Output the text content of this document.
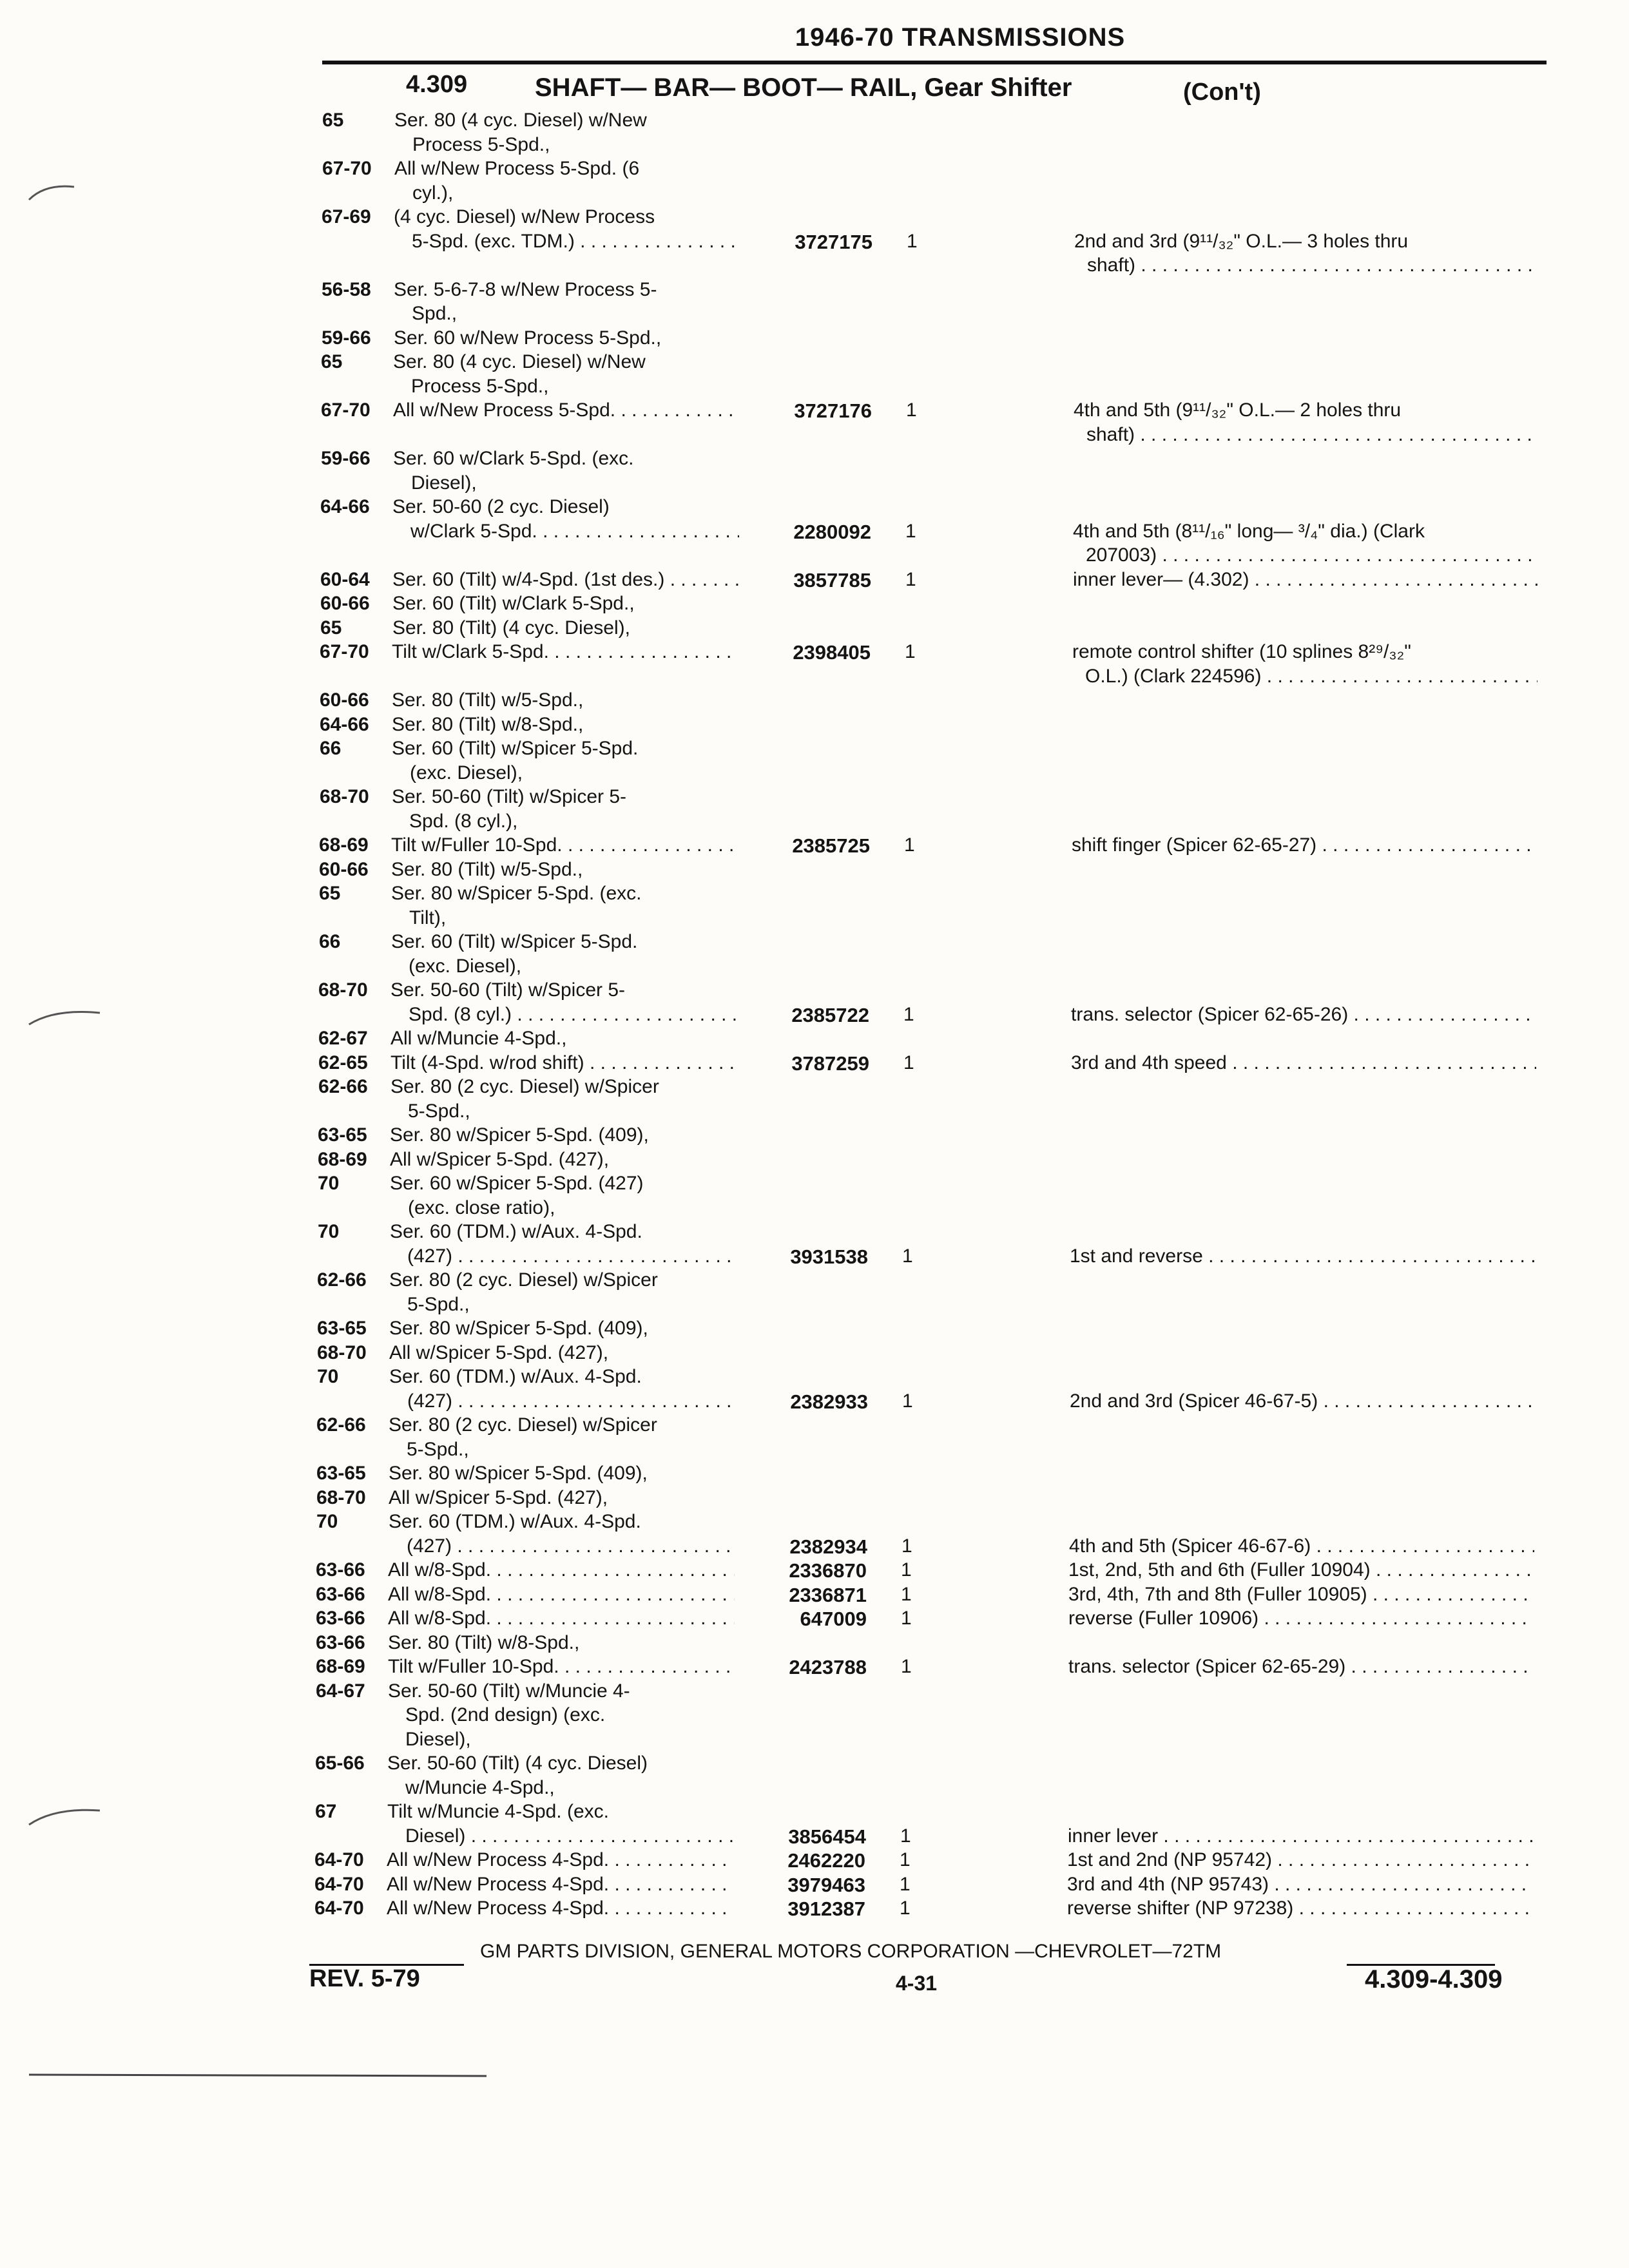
1946-70 TRANSMISSIONS
4.309	SHAFT— BAR— BOOT— RAIL, Gear Shifter	(Con't)
65	Ser. 80 (4 cyc. Diesel) w/New
Process 5-Spd.,
67-70 All w/New Process 5-Spd. (6
cyl.),
67-69 (4 cyc. Diesel) w/New Process
5-Spd. (exc. TDM.) . . .	3727175 1	2nd and 3rd (9¹¹/₃₂" O.L.— 3 holes thru
shaft) . . .
56-58 Ser. 5-6-7-8 w/New Process 5-
Spd.,
59-66 Ser. 60 w/New Process 5-Spd.,
65	Ser. 80 (4 cyc. Diesel) w/New
Process 5-Spd.,
67-70 All w/New Process 5-Spd. . . .	3727176 1	4th and 5th (9¹¹/₃₂" O.L.— 2 holes thru
shaft) . . .
59-66 Ser. 60 w/Clark 5-Spd. (exc.
Diesel),
64-66 Ser. 50-60 (2 cyc. Diesel)
w/Clark 5-Spd. . . .	2280092 1	4th and 5th (8¹¹/₁₆" long— ³/₄" dia.) (Clark
207003) . . .
60-64 Ser. 60 (Tilt) w/4-Spd. (1st des.) . . .	3857785 1	inner lever— (4.302) . . .
60-66 Ser. 60 (Tilt) w/Clark 5-Spd.,
65	Ser. 80 (Tilt) (4 cyc. Diesel),
67-70 Tilt w/Clark 5-Spd. . . .	2398405 1	remote control shifter (10 splines 8²⁹/₃₂"
O.L.) (Clark 224596) . . .
60-66 Ser. 80 (Tilt) w/5-Spd.,
64-66 Ser. 80 (Tilt) w/8-Spd.,
66	Ser. 60 (Tilt) w/Spicer 5-Spd.
(exc. Diesel),
68-70 Ser. 50-60 (Tilt) w/Spicer 5-
Spd. (8 cyl.),
68-69 Tilt w/Fuller 10-Spd. . . .	2385725 1	shift finger (Spicer 62-65-27) . . .
60-66 Ser. 80 (Tilt) w/5-Spd.,
65	Ser. 80 w/Spicer 5-Spd. (exc.
Tilt),
66	Ser. 60 (Tilt) w/Spicer 5-Spd.
(exc. Diesel),
68-70 Ser. 50-60 (Tilt) w/Spicer 5-
Spd. (8 cyl.) . . .	2385722 1	trans. selector (Spicer 62-65-26) . . .
62-67 All w/Muncie 4-Spd.,
62-65 Tilt (4-Spd. w/rod shift) . . .	3787259 1	3rd and 4th speed . . .
62-66 Ser. 80 (2 cyc. Diesel) w/Spicer
5-Spd.,
63-65 Ser. 80 w/Spicer 5-Spd. (409),
68-69 All w/Spicer 5-Spd. (427),
70	Ser. 60 w/Spicer 5-Spd. (427)
(exc. close ratio),
70	Ser. 60 (TDM.) w/Aux. 4-Spd.
(427) . . .	3931538 1	1st and reverse . . .
62-66 Ser. 80 (2 cyc. Diesel) w/Spicer
5-Spd.,
63-65 Ser. 80 w/Spicer 5-Spd. (409),
68-70 All w/Spicer 5-Spd. (427),
70	Ser. 60 (TDM.) w/Aux. 4-Spd.
(427) . . .	2382933 1	2nd and 3rd (Spicer 46-67-5) . . .
62-66 Ser. 80 (2 cyc. Diesel) w/Spicer
5-Spd.,
63-65 Ser. 80 w/Spicer 5-Spd. (409),
68-70 All w/Spicer 5-Spd. (427),
70	Ser. 60 (TDM.) w/Aux. 4-Spd.
(427) . . .	2382934 1	4th and 5th (Spicer 46-67-6) . . .
63-66 All w/8-Spd. . . .	2336870 1	1st, 2nd, 5th and 6th (Fuller 10904) . . .
63-66 All w/8-Spd. . . .	2336871 1	3rd, 4th, 7th and 8th (Fuller 10905) . . .
63-66 All w/8-Spd. . . .	647009 1	reverse (Fuller 10906) . . .
63-66 Ser. 80 (Tilt) w/8-Spd.,
68-69 Tilt w/Fuller 10-Spd. . . .	2423788 1	trans. selector (Spicer 62-65-29) . . .
64-67 Ser. 50-60 (Tilt) w/Muncie 4-
Spd. (2nd design) (exc.
Diesel),
65-66 Ser. 50-60 (Tilt) (4 cyc. Diesel)
w/Muncie 4-Spd.,
67	Tilt w/Muncie 4-Spd. (exc.
Diesel) . . .	3856454 1	inner lever . . .
64-70 All w/New Process 4-Spd. . . .	2462220 1	1st and 2nd (NP 95742) . . .
64-70 All w/New Process 4-Spd. . . .	3979463 1	3rd and 4th (NP 95743) . . .
64-70 All w/New Process 4-Spd. . . .	3912387 1	reverse shifter (NP 97238) . . .
GM PARTS DIVISION, GENERAL MOTORS CORPORATION —CHEVROLET—72TM
REV. 5-79	4-31	4.309-4.309
